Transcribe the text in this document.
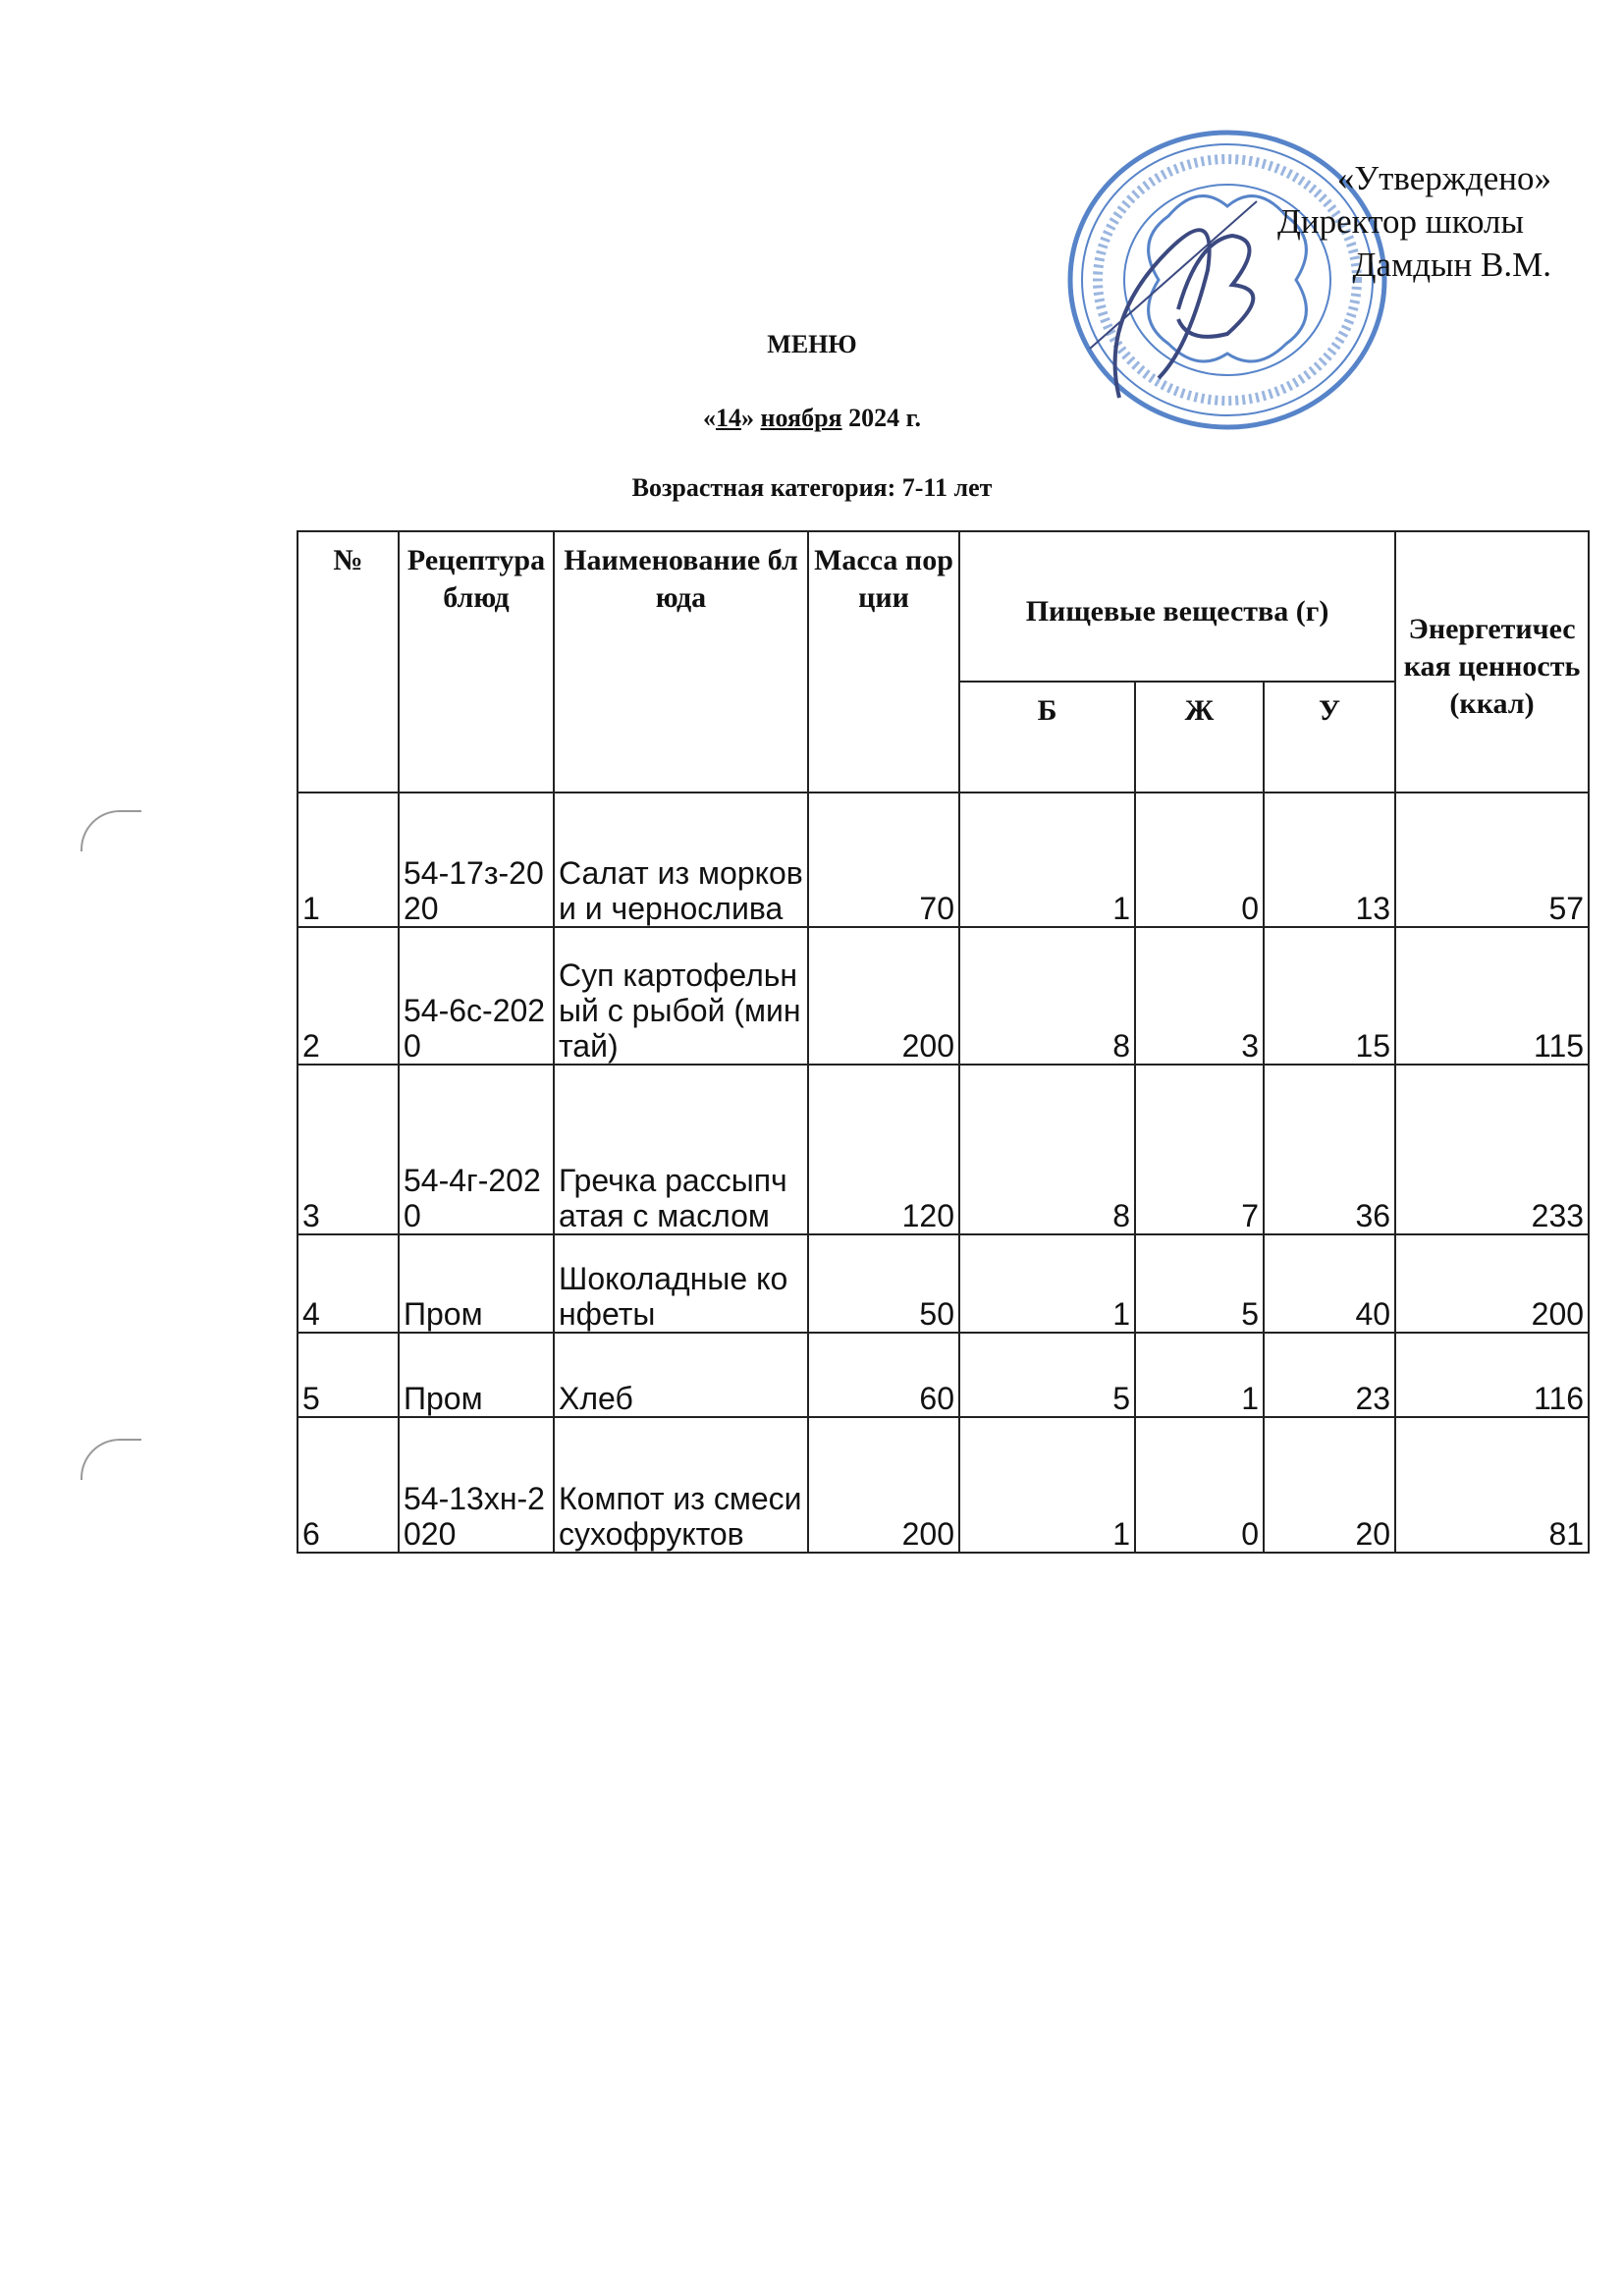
«Утверждено»
Директор школы
Дамдын В.М.
МЕНЮ
«14» ноября 2024 г.
Возрастная категория: 7-11 лет
№	Рецептура блюд	Наименование блюда	Масса порции	Пищевые вещества (г)			Энергетическая ценность (ккал)
				Б	Ж	У	
1	54-17з-2020	Салат из моркови и чернослива	70	1	0	13	57
2	54-6с-2020	Суп картофельный с рыбой (минтай)	200	8	3	15	115
3	54-4г-2020	Гречка рассыпчатая с маслом	120	8	7	36	233
4	Пром	Шоколадные конфеты	50	1	5	40	200
5	Пром	Хлеб	60	5	1	23	116
6	54-13хн-2020	Компот из смеси сухофруктов	200	1	0	20	81
